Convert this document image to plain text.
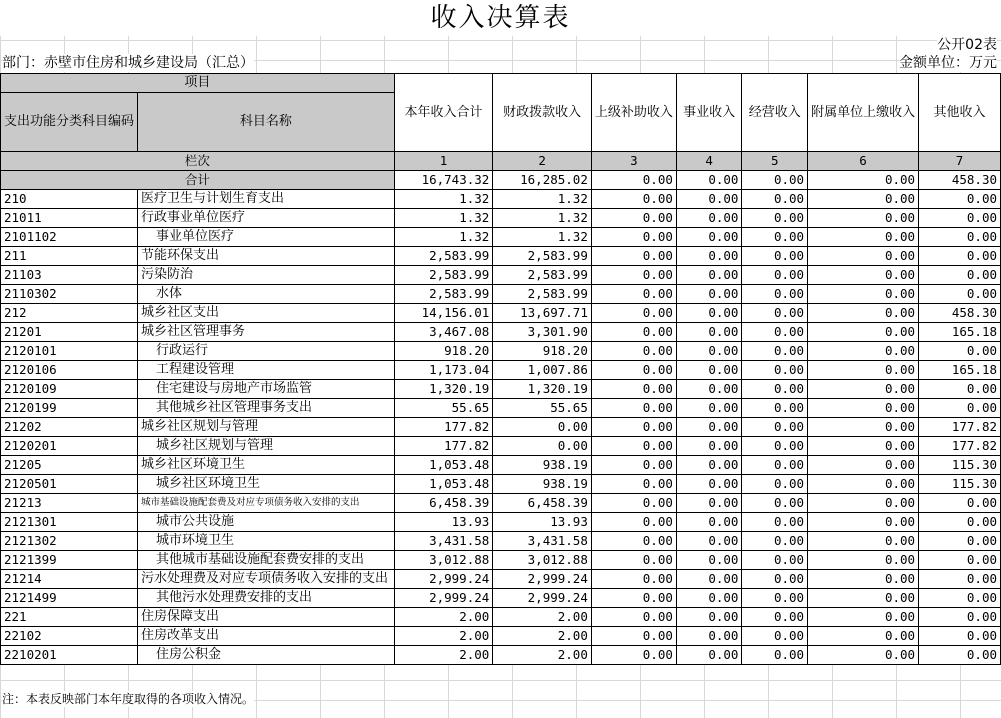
收入决算表
公开02表
部门：赤壁市住房和城乡建设局（汇总）	金额单位：万元
项目		本年收入合计	财政拨款收入	上级补助收入	事业收入	经营收入	附属单位上缴收入	其他收入
支出功能分类科目编码	科目名称							

栏次		1	2	3	4	5	6	7
合计		16,743.32	16,285.02	0.00	0.00	0.00	0.00	458.30
210	医疗卫生与计划生育支出	1.32	1.32	0.00	0.00	0.00	0.00	0.00
21011	行政事业单位医疗	1.32	1.32	0.00	0.00	0.00	0.00	0.00
2101102	事业单位医疗	1.32	1.32	0.00	0.00	0.00	0.00	0.00
211	节能环保支出	2,583.99	2,583.99	0.00	0.00	0.00	0.00	0.00
21103	污染防治	2,583.99	2,583.99	0.00	0.00	0.00	0.00	0.00
2110302	水体	2,583.99	2,583.99	0.00	0.00	0.00	0.00	0.00
212	城乡社区支出	14,156.01	13,697.71	0.00	0.00	0.00	0.00	458.30
21201	城乡社区管理事务	3,467.08	3,301.90	0.00	0.00	0.00	0.00	165.18
2120101	行政运行	918.20	918.20	0.00	0.00	0.00	0.00	0.00
2120106	工程建设管理	1,173.04	1,007.86	0.00	0.00	0.00	0.00	165.18
2120109	住宅建设与房地产市场监管	1,320.19	1,320.19	0.00	0.00	0.00	0.00	0.00
2120199	其他城乡社区管理事务支出	55.65	55.65	0.00	0.00	0.00	0.00	0.00
21202	城乡社区规划与管理	177.82	0.00	0.00	0.00	0.00	0.00	177.82
2120201	城乡社区规划与管理	177.82	0.00	0.00	0.00	0.00	0.00	177.82
21205	城乡社区环境卫生	1,053.48	938.19	0.00	0.00	0.00	0.00	115.30
2120501	城乡社区环境卫生	1,053.48	938.19	0.00	0.00	0.00	0.00	115.30
21213	城市基础设施配套费及对应专项债务收入安排的支出	6,458.39	6,458.39	0.00	0.00	0.00	0.00	0.00
2121301	城市公共设施	13.93	13.93	0.00	0.00	0.00	0.00	0.00
2121302	城市环境卫生	3,431.58	3,431.58	0.00	0.00	0.00	0.00	0.00
2121399	其他城市基础设施配套费安排的支出	3,012.88	3,012.88	0.00	0.00	0.00	0.00	0.00
21214	污水处理费及对应专项债务收入安排的支出	2,999.24	2,999.24	0.00	0.00	0.00	0.00	0.00
2121499	其他污水处理费安排的支出	2,999.24	2,999.24	0.00	0.00	0.00	0.00	0.00
221	住房保障支出	2.00	2.00	0.00	0.00	0.00	0.00	0.00
22102	住房改革支出	2.00	2.00	0.00	0.00	0.00	0.00	0.00
2210201	住房公积金	2.00	2.00	0.00	0.00	0.00	0.00	0.00
注：本表反映部门本年度取得的各项收入情况。
